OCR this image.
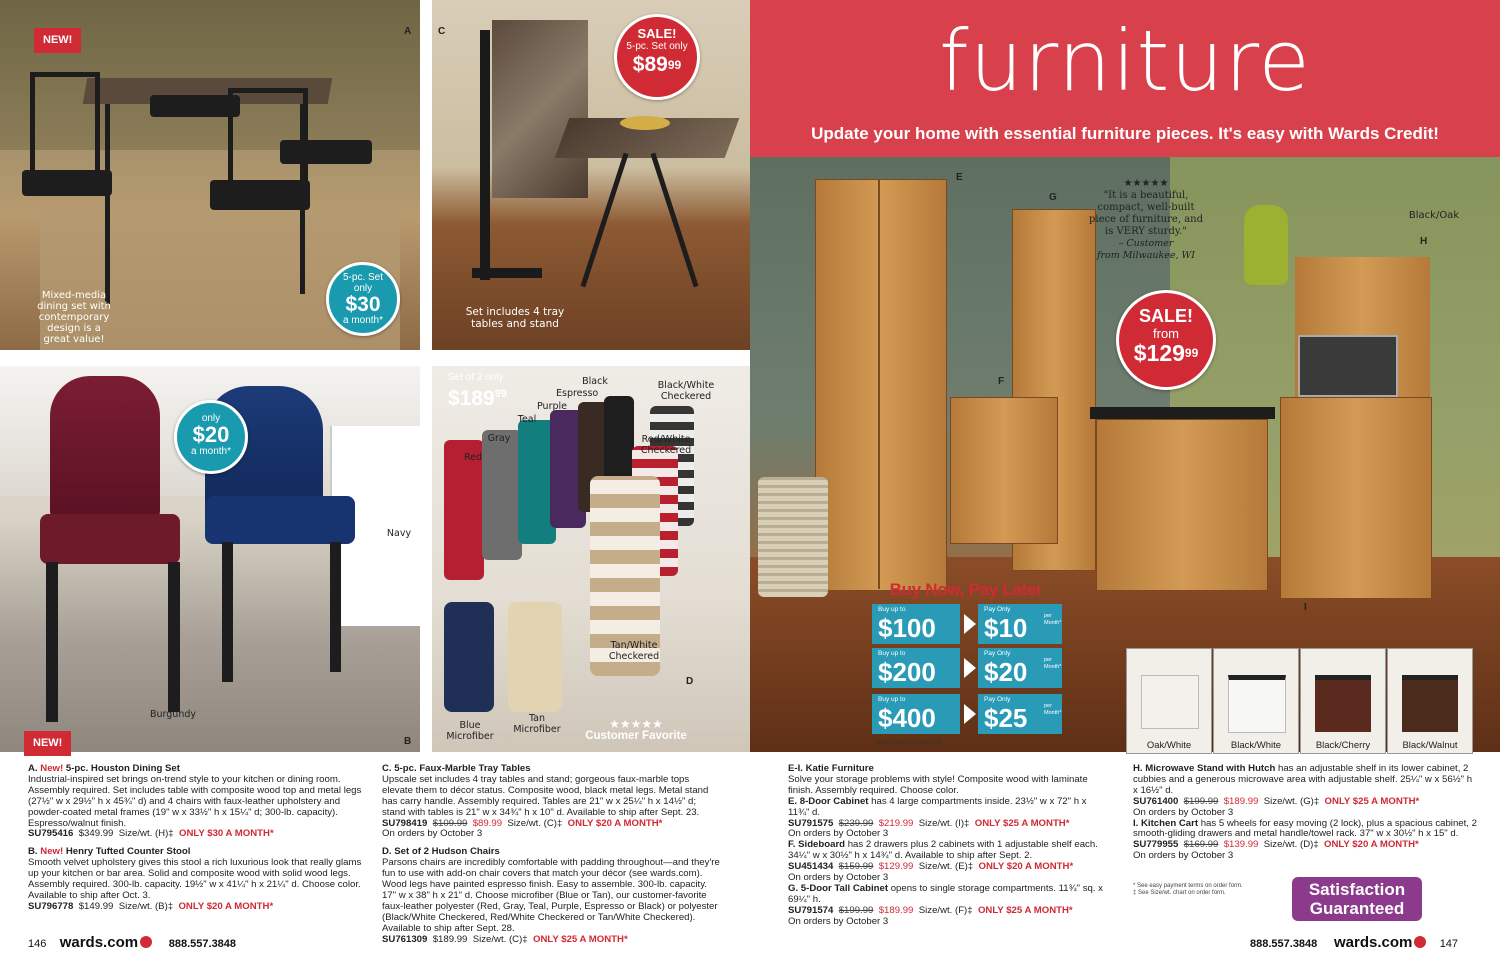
NEW!
A
Mixed-media
dining set with
contemporary
design is a
great value!
5-pc. Set
only
$30
a month*
C	SALE!
5-pc. Set only
$\$89^{99}$
Set includes 4 tray
tables and stand
only
$20
a month*
Navy
Burgundy
NEW!	B
Set of 2 only
$\$189^{99}$
Black
Espresso
Purple
Teal
Gray
Red
Black/White
Checkered
Red/White
Checkered
Tan/White
Checkered
Blue
Microfiber
Tan
Microfiber
D
★★★★★
Customer Favorite
furniture
Update your home with essential furniture pieces. It's easy with Wards Credit!
E
G
F
H
I
Black/Oak
★★★★★
"It is a beautiful,
compact, well-built
piece of furniture, and
is VERY sturdy."
– Customer
from Milwaukee, WI
SALE!
from
$\$129^{99}$
Buy Now, Pay Later
Buy up to
$100
Pay Only
$10	per Month*
Buy up to
$200
Pay Only
$20	per Month*
Buy up to
$400
Pay Only
$25	per Month*
*See terms on order form	Oak/White	Black/White	Black/Cherry	Black/Walnut

A. New! 5-pc. Houston Dining Set
Industrial-inspired set brings on-trend style to your kitchen or dining room. Assembly required. Set includes table with composite wood top and metal legs (27½" w x 29½" h x 45¾" d) and 4 chairs with faux-leather upholstery and powder-coated metal frames (19" w x 33½" h x 15¼" d; 300-lb. capacity). Espresso/walnut finish.
SU795416 $349.99 Size/wt. (H)‡ ONLY $30 A MONTH*

B. New! Henry Tufted Counter Stool
Smooth velvet upholstery gives this stool a rich luxurious look that really glams up your kitchen or bar area. Solid and composite wood with solid wood legs. Assembly required. 300-lb. capacity. 19½" w x 41¼" h x 21¼" d. Choose color. Available to ship after Oct. 3.
SU796778 $149.99 Size/wt. (B)‡ ONLY $20 A MONTH*

C. 5-pc. Faux-Marble Tray Tables
Upscale set includes 4 tray tables and stand; gorgeous faux-marble tops elevate them to décor status. Composite wood, black metal legs. Metal stand has carry handle. Assembly required. Tables are 21" w x 25¼" h x 14½" d; stand with tables is 21" w x 34¾" h x 10" d. Available to ship after Sept. 23.
SU798419 $109.99 $89.99 Size/wt. (C)‡ ONLY $20 A MONTH*
On orders by October 3

D. Set of 2 Hudson Chairs
Parsons chairs are incredibly comfortable with padding throughout—and they're fun to use with add-on chair covers that match your décor (see wards.com). Wood legs have painted espresso finish. Easy to assemble. 300-lb. capacity. 17" w x 38" h x 21" d. Choose microfiber (Blue or Tan), our customer-favorite faux-leather polyester (Red, Gray, Teal, Purple, Espresso or Black) or polyester (Black/White Checkered, Red/White Checkered or Tan/White Checkered). Available to ship after Sept. 28.
SU761309 $189.99 Size/wt. (C)‡ ONLY $25 A MONTH*

E-I. Katie Furniture
Solve your storage problems with style! Composite wood with laminate finish. Assembly required. Choose color.
E. 8-Door Cabinet has 4 large compartments inside. 23½" w x 72" h x 11¾" d.
SU791575 $239.99 $219.99 Size/wt. (I)‡ ONLY $25 A MONTH*
On orders by October 3
F. Sideboard has 2 drawers plus 2 cabinets with 1 adjustable shelf each. 34¼" w x 30½" h x 14¾" d. Available to ship after Sept. 2.
SU451434 $159.99 $129.99 Size/wt. (E)‡ ONLY $20 A MONTH*
On orders by October 3
G. 5-Door Tall Cabinet opens to single storage compartments. 11¾" sq. x 69¼" h.
SU791574 $199.99 $189.99 Size/wt. (F)‡ ONLY $25 A MONTH*
On orders by October 3

H. Microwave Stand with Hutch has an adjustable shelf in its lower cabinet, 2 cubbies and a generous microwave area with adjustable shelf. 25¼" w x 56½" h x 16½" d.
SU761400 $199.99 $189.99 Size/wt. (G)‡ ONLY $25 A MONTH*
On orders by October 3
I. Kitchen Cart has 5 wheels for easy moving (2 lock), plus a spacious cabinet, 2 smooth-gliding drawers and metal handle/towel rack. 37" w x 30½" h x 15" d.
SU779955 $169.99 $139.99 Size/wt. (D)‡ ONLY $20 A MONTH*
On orders by October 3

* See easy payment terms on order form.
‡ See Size/wt. chart on order form.	Satisfaction
Guaranteed
146 wards.com	888.557.3848	888.557.3848 wards.com 147
